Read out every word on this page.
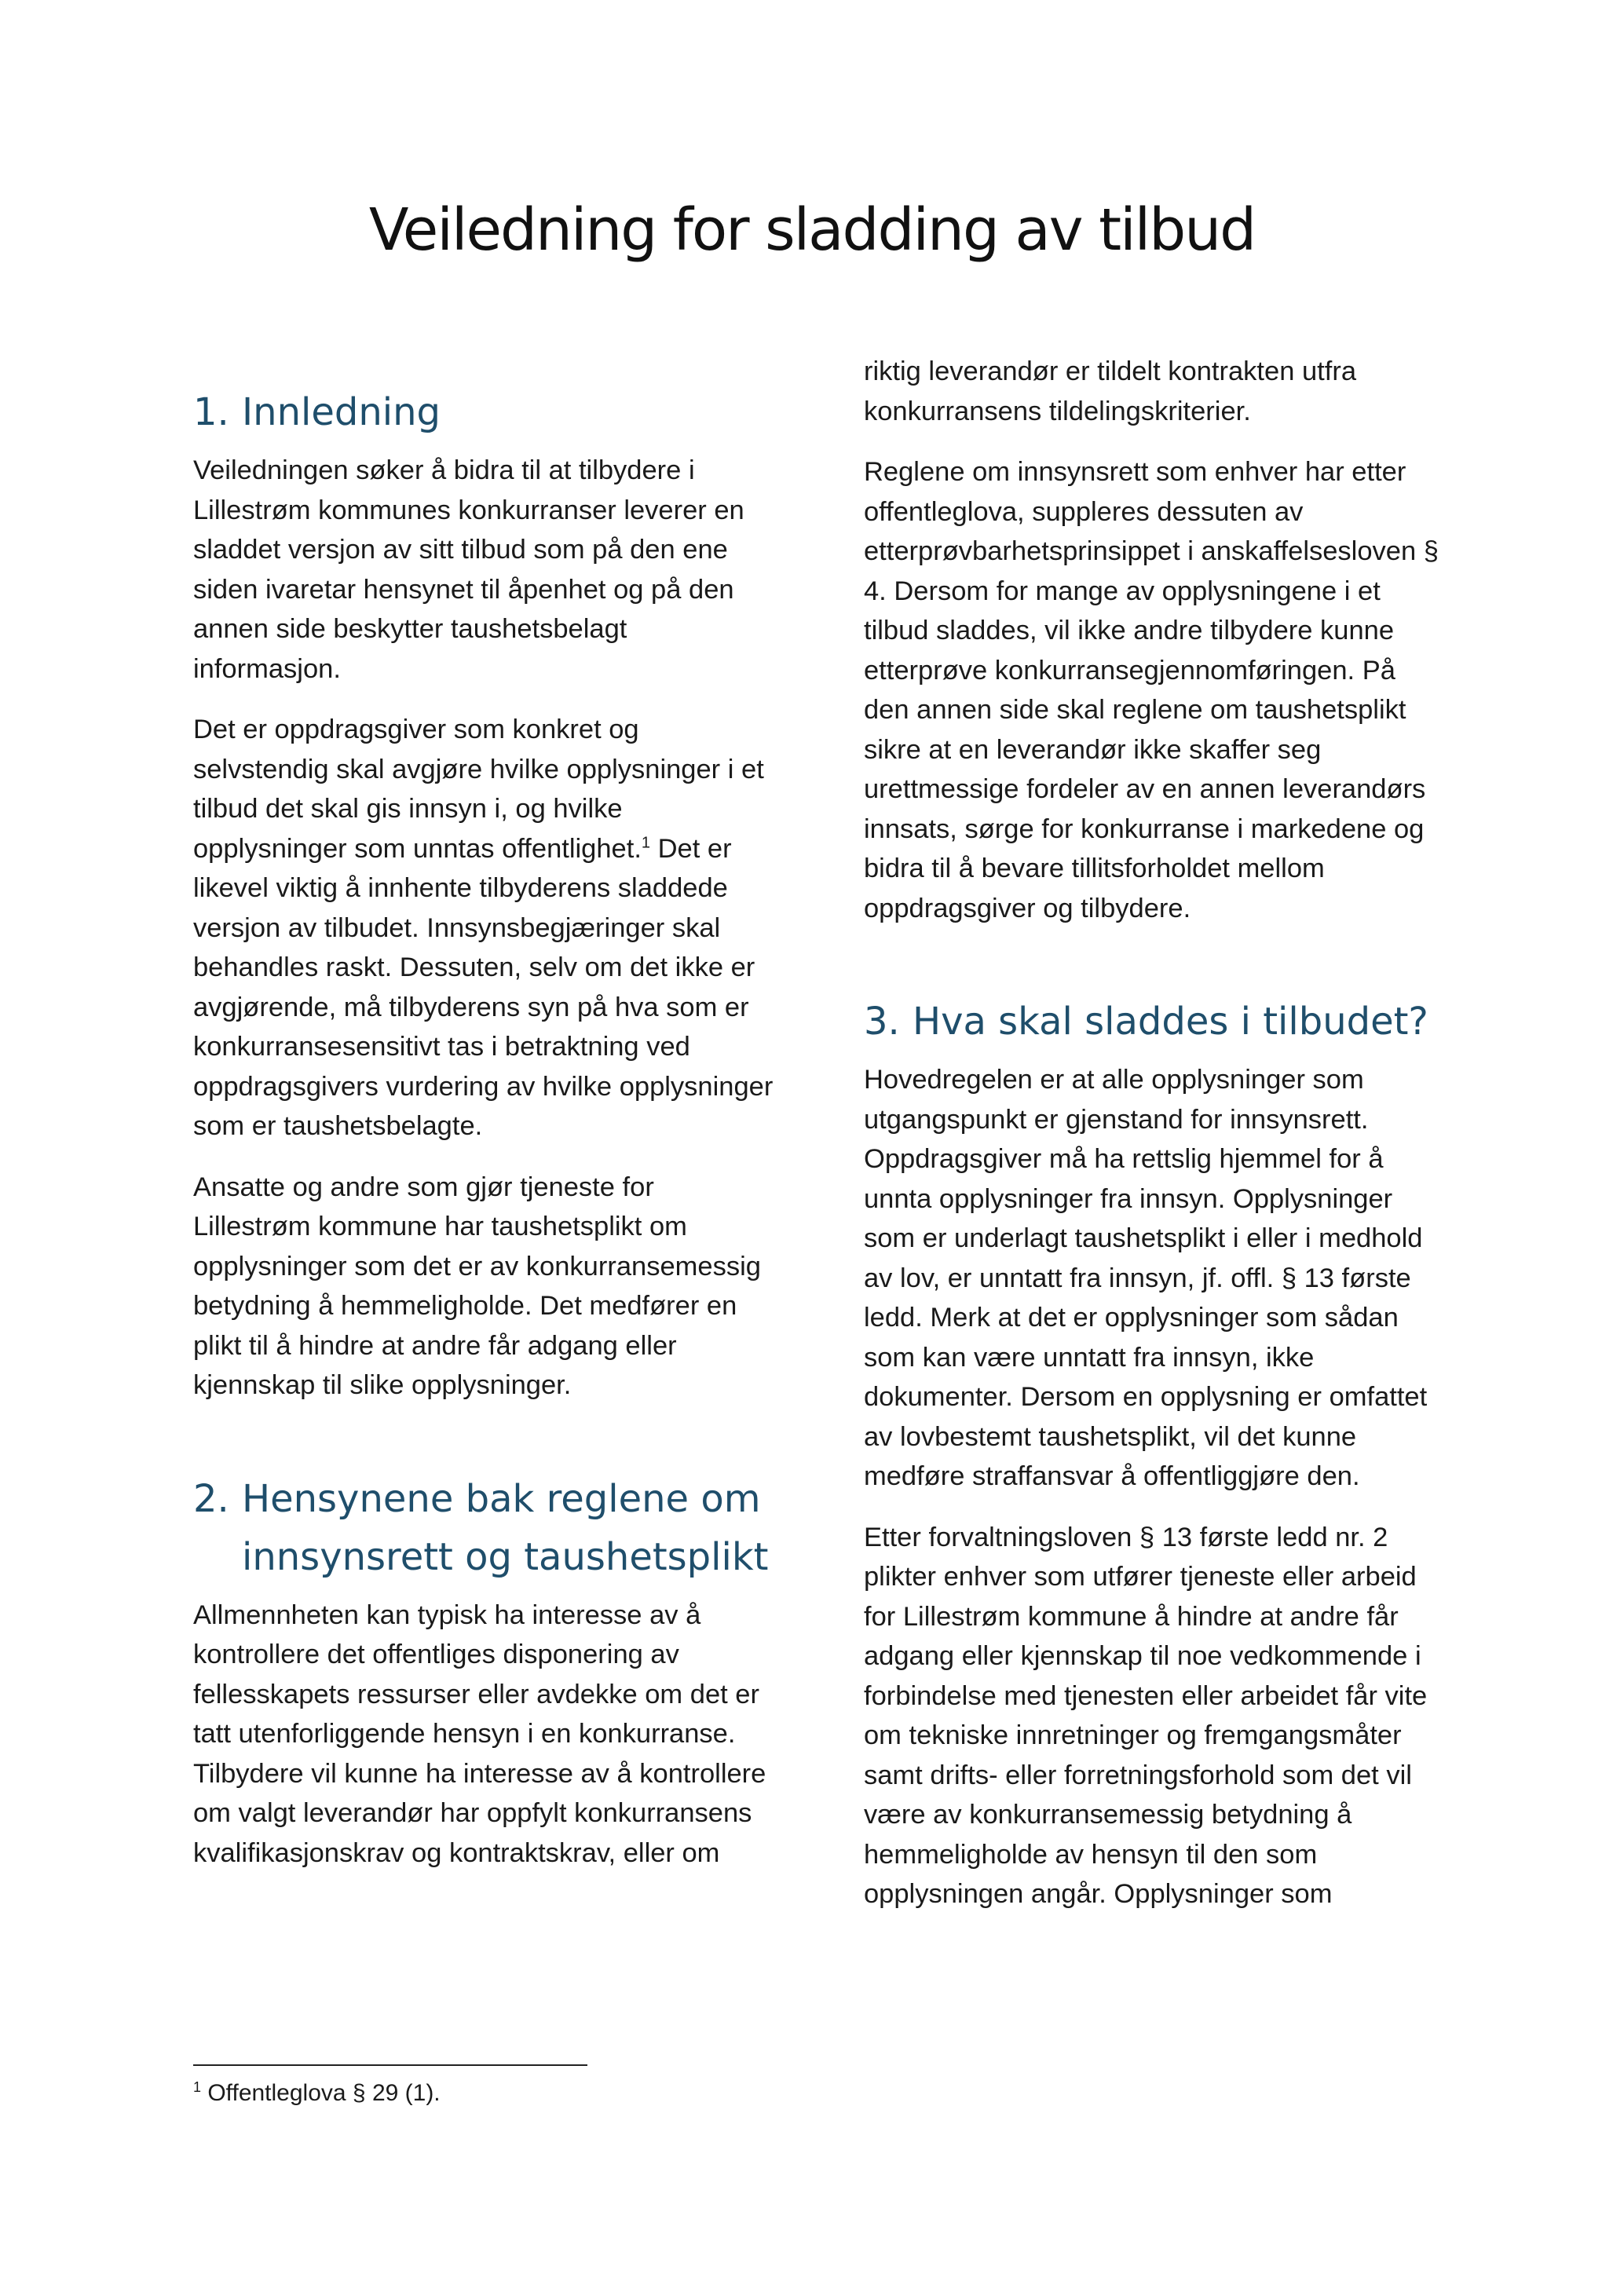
Veiledning for sladding av tilbud
1. Innledning

Veiledningen søker å bidra til at tilbydere i Lillestrøm kommunes konkurranser leverer en sladdet versjon av sitt tilbud som på den ene siden ivaretar hensynet til åpenhet og på den annen side beskytter taushetsbelagt informasjon.

Det er oppdragsgiver som konkret og selvstendig skal avgjøre hvilke opplysninger i et tilbud det skal gis innsyn i, og hvilke opplysninger som unntas offentlighet.$^1$ Det er likevel viktig å innhente tilbyderens sladdede versjon av tilbudet. Innsynsbegjæringer skal behandles raskt. Dessuten, selv om det ikke er avgjørende, må tilbyderens syn på hva som er konkurransesensitivt tas i betraktning ved oppdragsgivers vurdering av hvilke opplysninger som er taushetsbelagte.

Ansatte og andre som gjør tjeneste for Lillestrøm kommune har taushetsplikt om opplysninger som det er av konkurransemessig betydning å hemmeligholde. Det medfører en plikt til å hindre at andre får adgang eller kjennskap til slike opplysninger.

2. Hensynene bak reglene om innsynsrett og taushetsplikt

Allmennheten kan typisk ha interesse av å kontrollere det offentliges disponering av fellesskapets ressurser eller avdekke om det er tatt utenforliggende hensyn i en konkurranse. Tilbydere vil kunne ha interesse av å kontrollere om valgt leverandør har oppfylt konkurransens kvalifikasjonskrav og kontraktskrav, eller om

riktig leverandør er tildelt kontrakten utfra konkurransens tildelingskriterier.

Reglene om innsynsrett som enhver har etter offentleglova, suppleres dessuten av etterprøvbarhetsprinsippet i anskaffelsesloven § 4. Dersom for mange av opplysningene i et tilbud sladdes, vil ikke andre tilbydere kunne etterprøve konkurransegjennomføringen. På den annen side skal reglene om taushetsplikt sikre at en leverandør ikke skaffer seg urettmessige fordeler av en annen leverandørs innsats, sørge for konkurranse i markedene og bidra til å bevare tillitsforholdet mellom oppdragsgiver og tilbydere.

3. Hva skal sladdes i tilbudet?

Hovedregelen er at alle opplysninger som utgangspunkt er gjenstand for innsynsrett. Oppdragsgiver må ha rettslig hjemmel for å unnta opplysninger fra innsyn. Opplysninger som er underlagt taushetsplikt i eller i medhold av lov, er unntatt fra innsyn, jf. offl. § 13 første ledd. Merk at det er opplysninger som sådan som kan være unntatt fra innsyn, ikke dokumenter. Dersom en opplysning er omfattet av lovbestemt taushetsplikt, vil det kunne medføre straffansvar å offentliggjøre den.

Etter forvaltningsloven § 13 første ledd nr. 2 plikter enhver som utfører tjeneste eller arbeid for Lillestrøm kommune å hindre at andre får adgang eller kjennskap til noe vedkommende i forbindelse med tjenesten eller arbeidet får vite om tekniske innretninger og fremgangsmåter samt drifts- eller forretningsforhold som det vil være av konkurransemessig betydning å hemmeligholde av hensyn til den som opplysningen angår. Opplysninger som

$^1$ Offentleglova § 29 (1).
